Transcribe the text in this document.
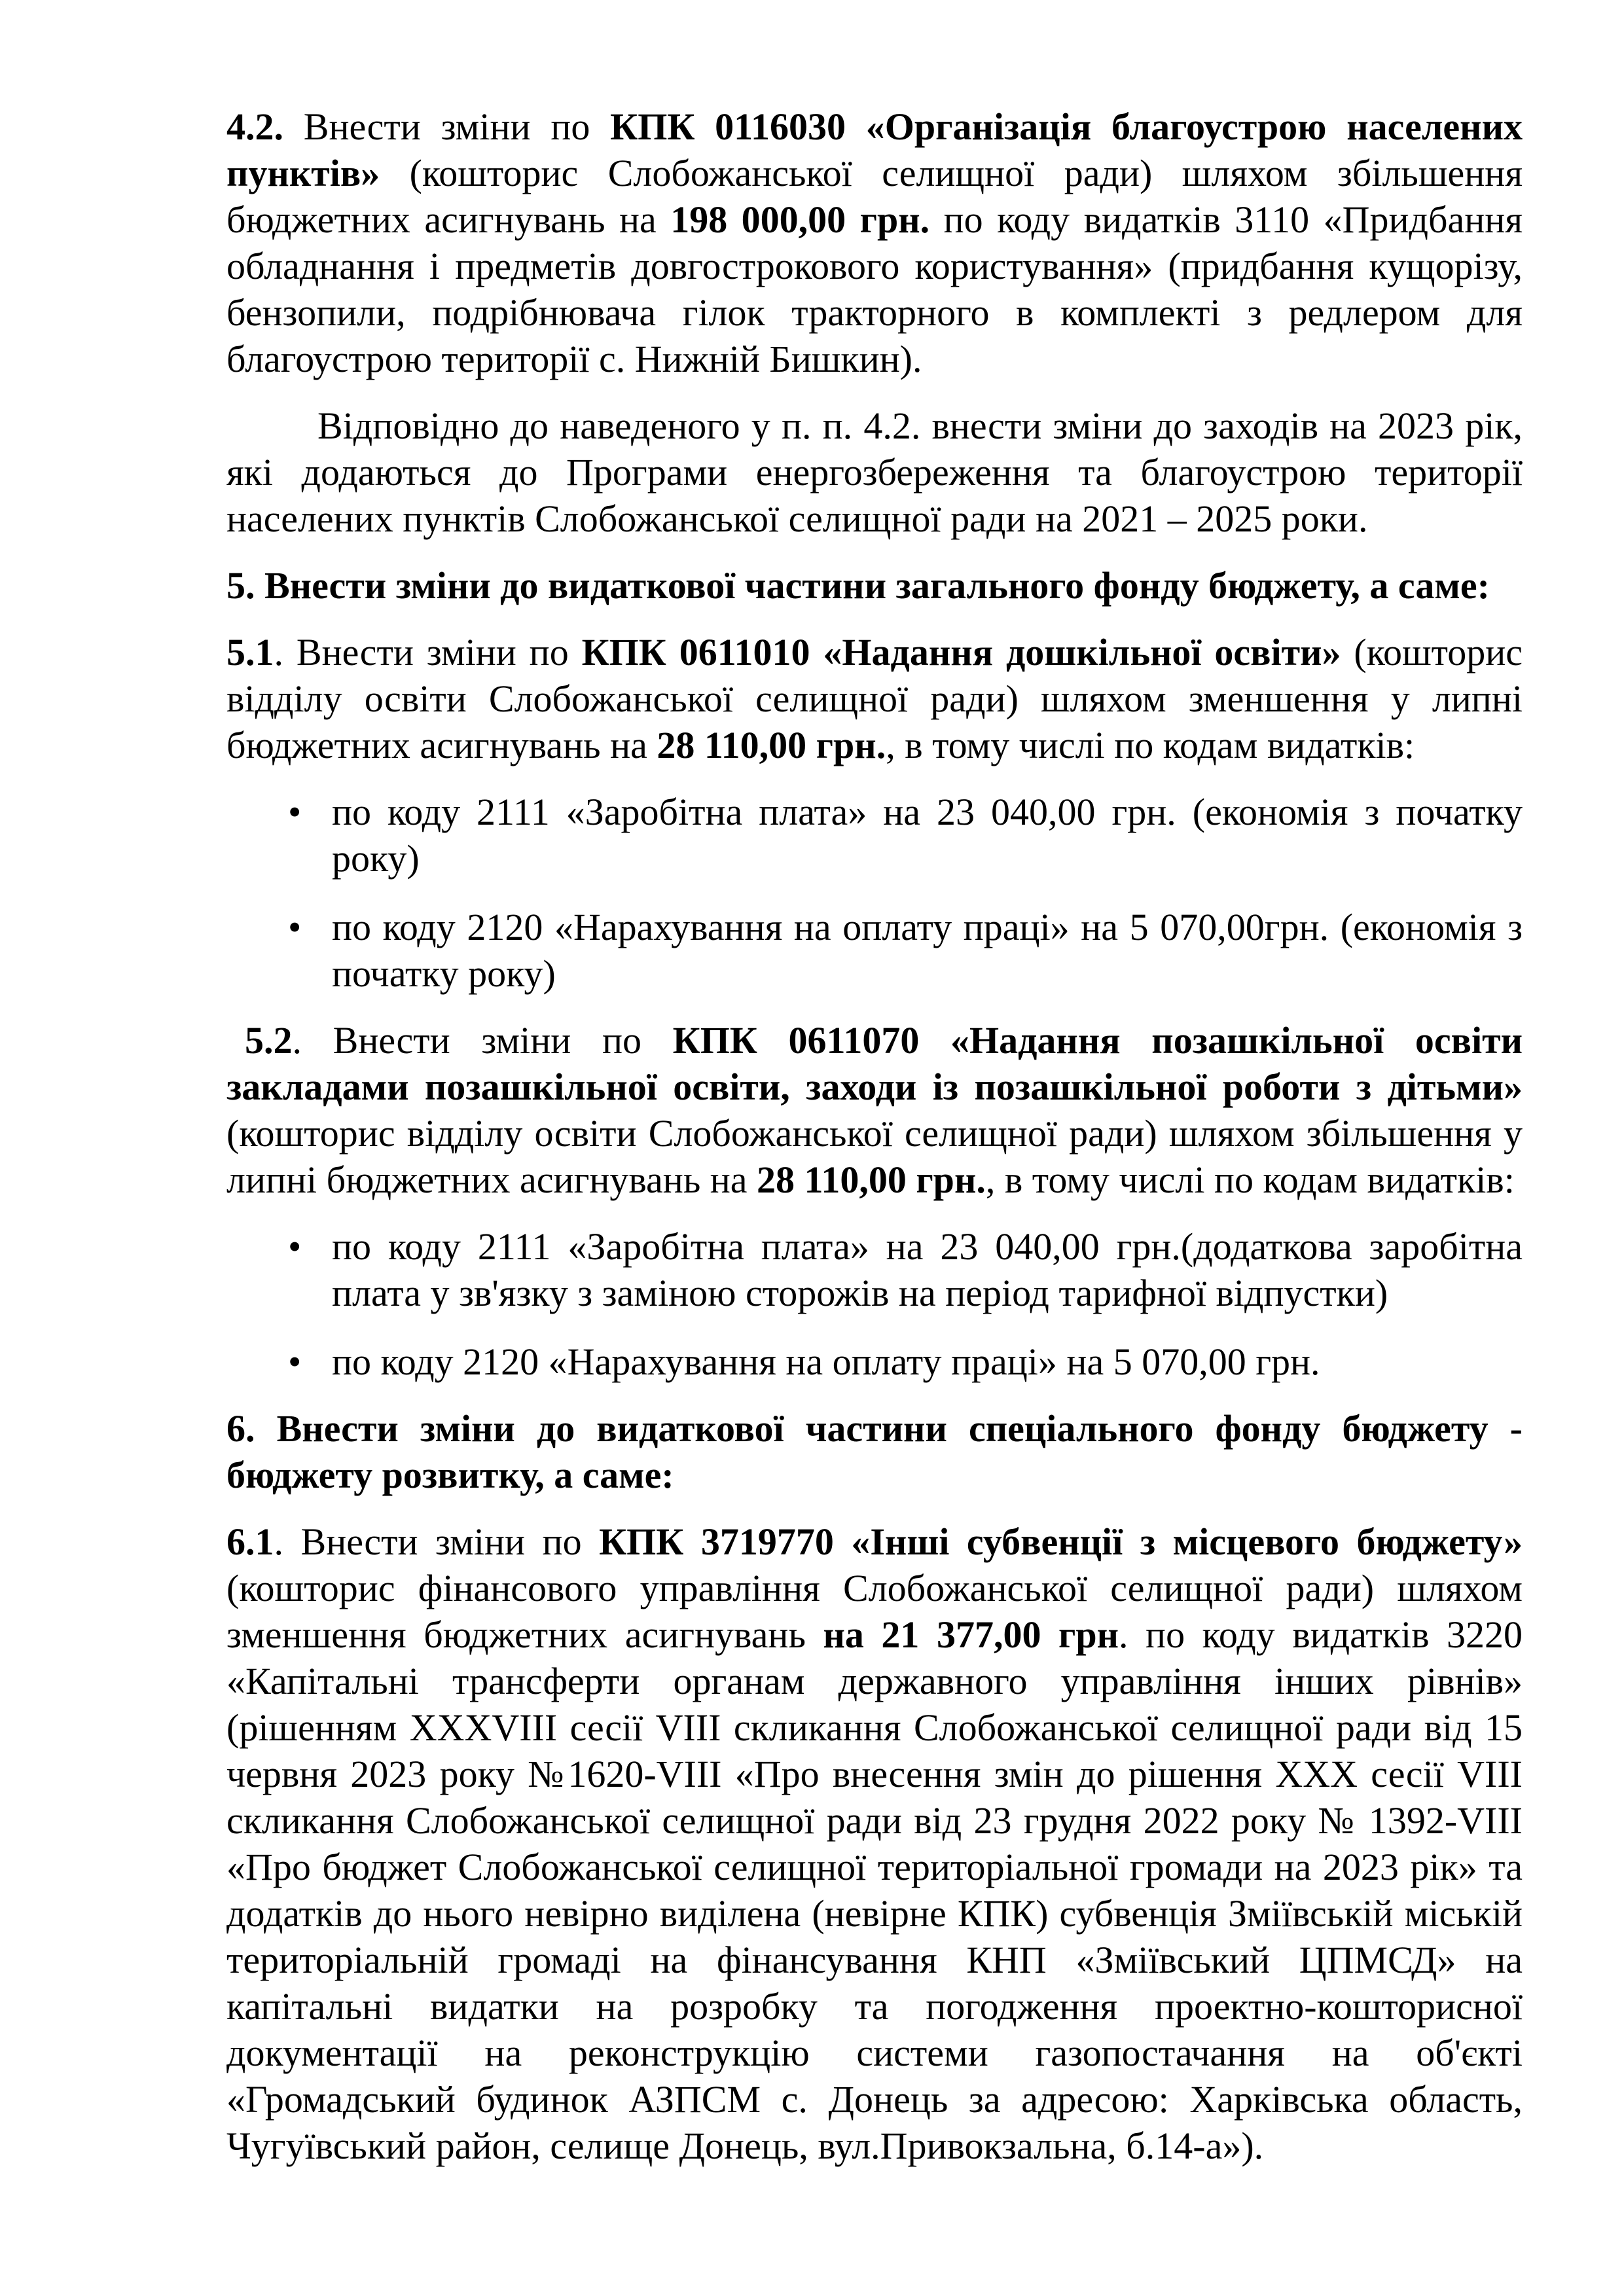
4.2. Внести зміни по КПК 0116030 «Організація благоустрою населених пунктів» (кошторис Слобожанської селищної ради) шляхом збільшення бюджетних асигнувань на 198 000,00 грн. по коду видатків 3110 «Придбання обладнання і предметів довгострокового користування» (придбання кущорізу, бензопили, подрібнювача гілок тракторного в комплекті з редлером для благоустрою території с. Нижній Бишкин).

Відповідно до наведеного у п. п. 4.2. внести зміни до заходів на 2023 рік, які додаються до Програми енергозбереження та благоустрою території населених пунктів Слобожанської селищної ради на 2021 – 2025 роки.

5. Внести зміни до видаткової частини загального фонду бюджету, а саме:

5.1. Внести зміни по КПК 0611010 «Надання дошкільної освіти» (кошторис відділу освіти Слобожанської селищної ради) шляхом зменшення у липні бюджетних асигнувань на 28 110,00 грн., в тому числі по кодам видатків:

• по коду 2111 «Заробітна плата» на 23 040,00 грн. (економія з початку року)
• по коду 2120 «Нарахування на оплату праці» на 5 070,00грн. (економія з початку року)

5.2. Внести зміни по КПК 0611070 «Надання позашкільної освіти закладами позашкільної освіти, заходи із позашкільної роботи з дітьми» (кошторис відділу освіти Слобожанської селищної ради) шляхом збільшення у липні бюджетних асигнувань на 28 110,00 грн., в тому числі по кодам видатків:

• по коду 2111 «Заробітна плата» на 23 040,00 грн.(додаткова заробітна плата у зв'язку з заміною сторожів на період тарифної відпустки)
• по коду 2120 «Нарахування на оплату праці» на 5 070,00 грн.

6. Внести зміни до видаткової частини спеціального фонду бюджету - бюджету розвитку, а саме:

6.1. Внести зміни по КПК 3719770 «Інші субвенції з місцевого бюджету» (кошторис фінансового управління Слобожанської селищної ради) шляхом зменшення бюджетних асигнувань на 21 377,00 грн. по коду видатків 3220 «Капітальні трансферти органам державного управління інших рівнів» (рішенням XXXVIII сесії VIII скликання Слобожанської селищної ради від 15 червня 2023 року №1620-VIII «Про внесення змін до рішення XXX сесії VIII скликання Слобожанської селищної ради від 23 грудня 2022 року № 1392-VIII «Про бюджет Слобожанської селищної територіальної громади на 2023 рік» та додатків до нього невірно виділена (невірне КПК) субвенція Зміївській міській територіальній громаді на фінансування КНП «Зміївський ЦПМСД» на капітальні видатки на розробку та погодження проектно-кошторисної документації на реконструкцію системи газопостачання на об'єкті «Громадський будинок АЗПСМ с. Донець за адресою: Харківська область, Чугуївський район, селище Донець, вул.Привокзальна, б.14-а»).
